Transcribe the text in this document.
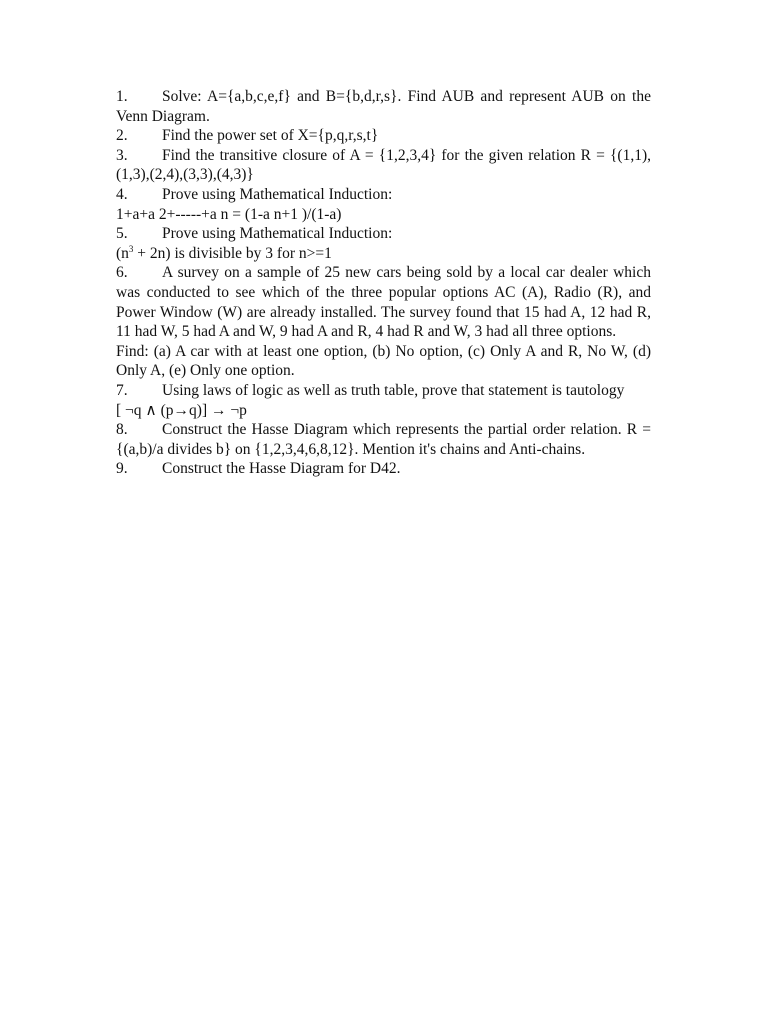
1. Solve: A={a,b,c,e,f} and B={b,d,r,s}. Find AUB and represent AUB on the Venn Diagram.

2. Find the power set of X={p,q,r,s,t}

3. Find the transitive closure of A = {1,2,3,4} for the given relation R = {(1,1),(1,3),(2,4),(3,3),(4,3)}

4. Prove using Mathematical Induction:

1+a+a 2+-----+a n = (1-a n+1 )/(1-a)

5. Prove using Mathematical Induction:

$(n^3 + 2n)$ is divisible by 3 for n>=1

6. A survey on a sample of 25 new cars being sold by a local car dealer which was conducted to see which of the three popular options AC (A), Radio (R), and Power Window (W) are already installed. The survey found that 15 had A, 12 had R, 11 had W, 5 had A and W, 9 had A and R, 4 had R and W, 3 had all three options.

Find: (a) A car with at least one option, (b) No option, (c) Only A and R, No W, (d) Only A, (e) Only one option.

7. Using laws of logic as well as truth table, prove that statement is tautology

[ ¬q ∧ (p→q)] → ¬p

8. Construct the Hasse Diagram which represents the partial order relation. R = {(a,b)/a divides b} on {1,2,3,4,6,8,12}. Mention it's chains and Anti-chains.

9. Construct the Hasse Diagram for D42.
